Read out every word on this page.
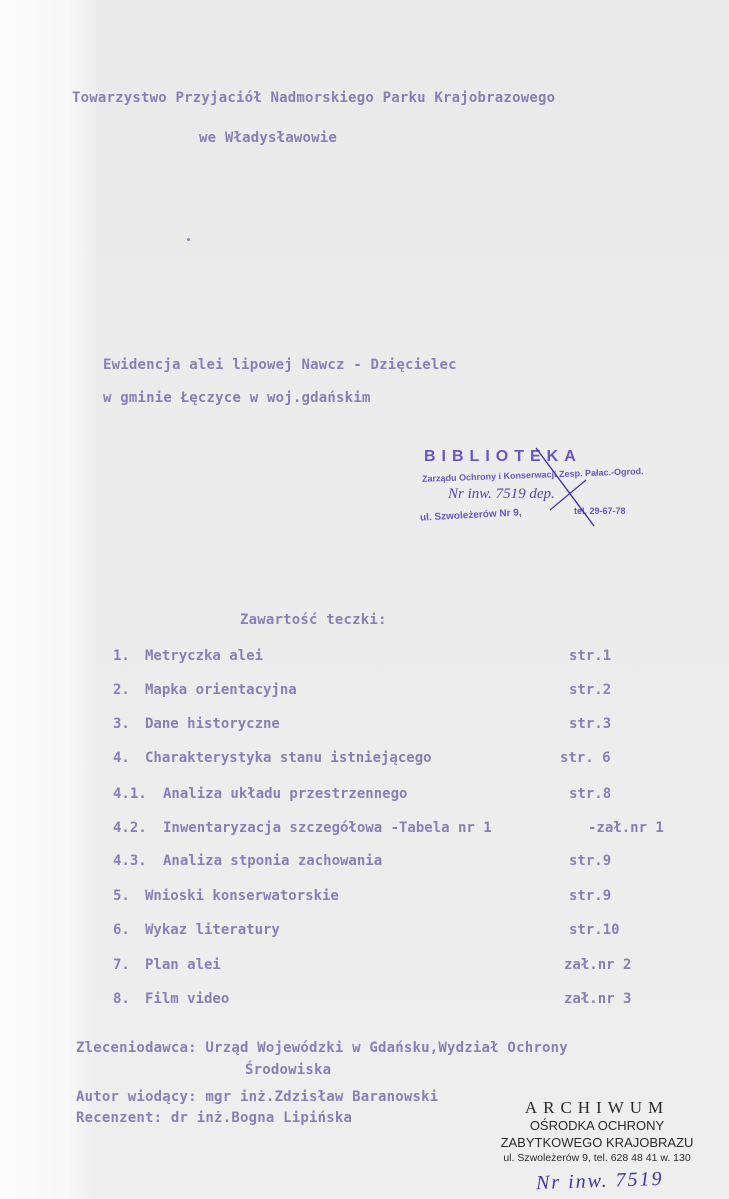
Towarzystwo Przyjaciół Nadmorskiego Parku Krajobrazowego
we Władysławowie
Ewidencja alei lipowej Nawcz - Dzięcielec
w gminie Łęczyce w woj.gdańskim
BIBLIOTEKA
Zarządu Ochrony i Konserwacji Zesp. Pałac.-Ogrod.
Nr inw. 7519 dep.
ul. Szwoleżerów Nr 9,	tel. 29-67-78
Zawartość teczki:
1. Metryczka alei	str.1
2. Mapka orientacyjna	str.2
3. Dane historyczne	str.3
4. Charakterystyka stanu istniejącego	str. 6
4.1. Analiza układu przestrzennego	str.8
4.2. Inwentaryzacja szczegółowa -Tabela nr 1	-zał.nr 1
4.3. Analiza stponia zachowania	str.9
5. Wnioski konserwatorskie	str.9
6. Wykaz literatury	str.10
7. Plan alei	zał.nr 2
8. Film video	zał.nr 3
Zleceniodawca: Urząd Wojewódzki w Gdańsku,Wydział Ochrony
Środowiska
Autor wiodący: mgr inż.Zdzisław Baranowski
Recenzent: dr inż.Bogna Lipińska
ARCHIWUM
OŚRODKA OCHRONY
ZABYTKOWEGO KRAJOBRAZU
ul. Szwoleżerów 9, tel. 628 48 41 w. 130
Nr inw. 7519
